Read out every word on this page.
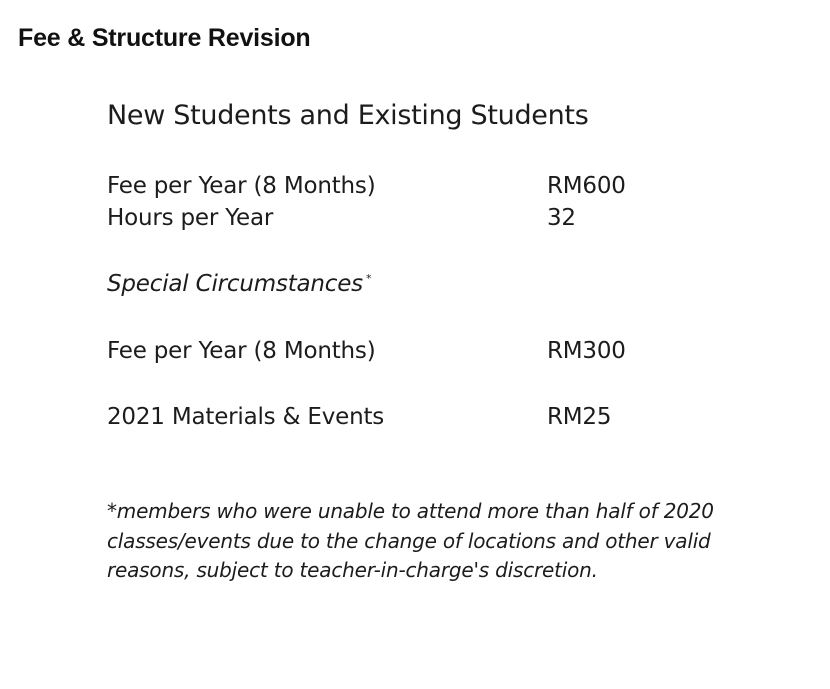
Fee & Structure Revision
New Students and Existing Students
Fee per Year (8 Months)	RM600
Hours per Year	32
Special Circumstances *
Fee per Year (8 Months)	RM300
2021 Materials & Events	RM25
*members who were unable to attend more than half of 2020 classes/events due to the change of locations and other valid reasons, subject to teacher-in-charge's discretion.
